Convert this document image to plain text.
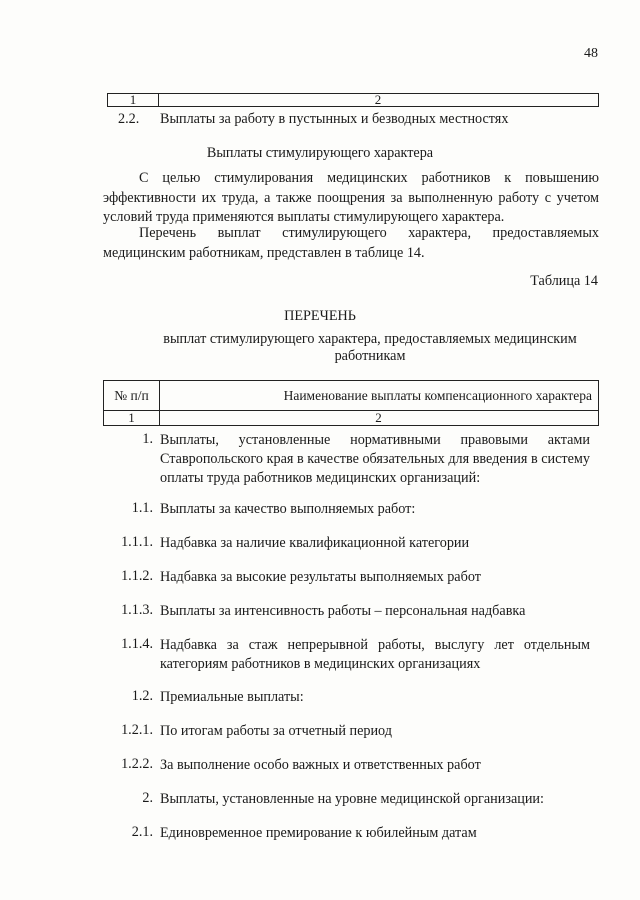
48
1	2
2.2. Выплаты за работу в пустынных и безводных местностях
Выплаты стимулирующего характера
С целью стимулирования медицинских работников к повышению эффективности их труда, а также поощрения за выполненную работу с учетом условий труда применяются выплаты стимулирующего характера.
Перечень выплат стимулирующего характера, предоставляемых медицинским работникам, представлен в таблице 14.
Таблица 14
ПЕРЕЧЕНЬ
выплат стимулирующего характера, предоставляемых медицинским работникам
№ п/п	Наименование выплаты компенсационного характера
1	2
1. Выплаты, установленные нормативными правовыми актами Ставропольского края в качестве обязательных для введения в систему оплаты труда работников медицинских организаций:
1.1. Выплаты за качество выполняемых работ:
1.1.1. Надбавка за наличие квалификационной категории
1.1.2. Надбавка за высокие результаты выполняемых работ
1.1.3. Выплаты за интенсивность работы – персональная надбавка
1.1.4. Надбавка за стаж непрерывной работы, выслугу лет отдельным категориям работников в медицинских организациях
1.2. Премиальные выплаты:
1.2.1. По итогам работы за отчетный период
1.2.2. За выполнение особо важных и ответственных работ
2. Выплаты, установленные на уровне медицинской организации:
2.1. Единовременное премирование к юбилейным датам
